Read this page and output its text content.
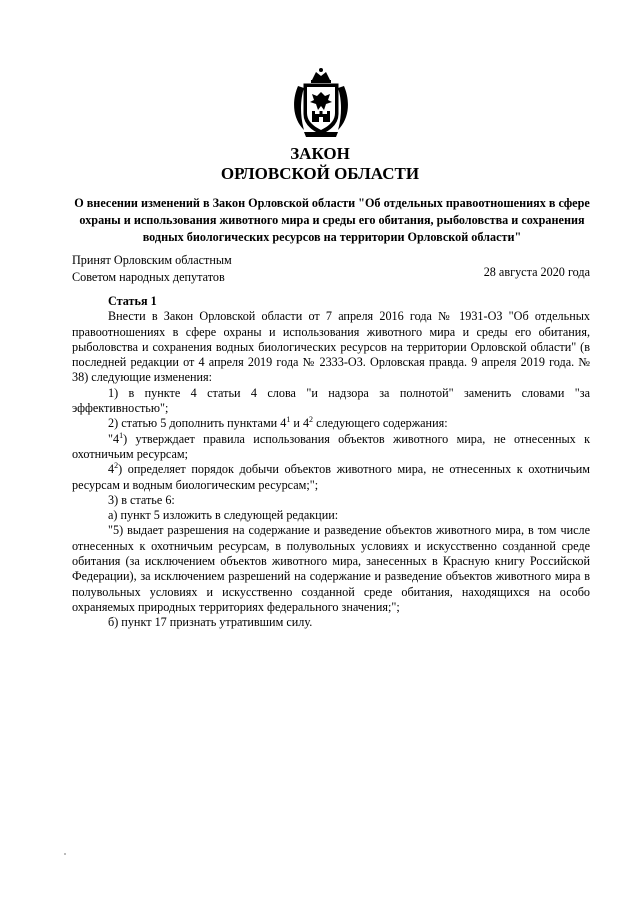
ЗАКОН
ОРЛОВСКОЙ ОБЛАСТИ
О внесении изменений в Закон Орловской области "Об отдельных правоотношениях в сфере охраны и использования животного мира и среды его обитания, рыболовства и сохранения водных биологических ресурсов на территории Орловской области"
Принят Орловским областным
Советом народных депутатов	28 августа 2020 года

Статья 1

Внести в Закон Орловской области от 7 апреля 2016 года № 1931-ОЗ "Об отдельных правоотношениях в сфере охраны и использования животного мира и среды его обитания, рыболовства и сохранения водных биологических ресурсов на территории Орловской области" (в последней редакции от 4 апреля 2019 года № 2333-ОЗ. Орловская правда. 9 апреля 2019 года. № 38) следующие изменения:

1) в пункте 4 статьи 4 слова "и надзора за полнотой" заменить словами "за эффективностью";

2) статью 5 дополнить пунктами $4^1$ и $4^2$ следующего содержания:

"$4^1$) утверждает правила использования объектов животного мира, не отнесенных к охотничьим ресурсам;

$4^2$) определяет порядок добычи объектов животного мира, не отнесенных к охотничьим ресурсам и водным биологическим ресурсам;";

3) в статье 6:

а) пункт 5 изложить в следующей редакции:

"5) выдает разрешения на содержание и разведение объектов животного мира, в том числе отнесенных к охотничьим ресурсам, в полувольных условиях и искусственно созданной среде обитания (за исключением объектов животного мира, занесенных в Красную книгу Российской Федерации), за исключением разрешений на содержание и разведение объектов животного мира в полувольных условиях и искусственно созданной среде обитания, находящихся на особо охраняемых природных территориях федерального значения;";

б) пункт 17 признать утратившим силу.
